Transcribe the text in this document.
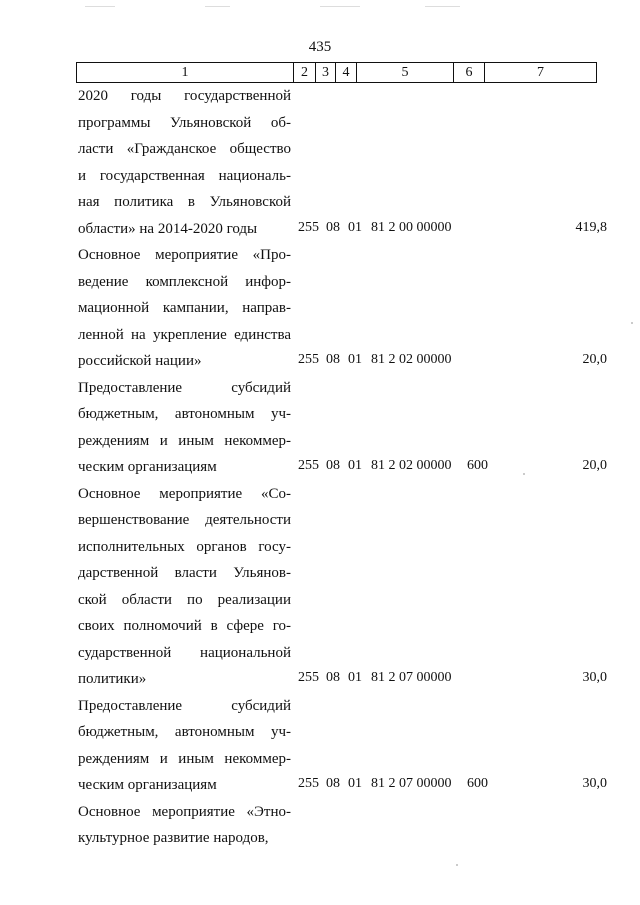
435
1	2	3	4	5	6	7
2020 годы государственной
программы Ульяновской об-
ласти «Гражданское общество
и государственная националь-
ная политика в Ульяновской
области» на 2014-2020 годы	255 08 01 81 2 00 00000	419,8
Основное мероприятие «Про-
ведение комплексной инфор-
мационной кампании, направ-
ленной на укрепление единства
российской нации»	255 08 01 81 2 02 00000	20,0
Предоставление субсидий
бюджетным, автономным уч-
реждениям и иным некоммер-
ческим организациям	255 08 01 81 2 02 00000 600	20,0
Основное мероприятие «Со-
вершенствование деятельности
исполнительных органов госу-
дарственной власти Ульянов-
ской области по реализации
своих полномочий в сфере го-
сударственной национальной
политики»	255 08 01 81 2 07 00000	30,0
Предоставление субсидий
бюджетным, автономным уч-
реждениям и иным некоммер-
ческим организациям	255 08 01 81 2 07 00000 600	30,0
Основное мероприятие «Этно-
культурное развитие народов,
